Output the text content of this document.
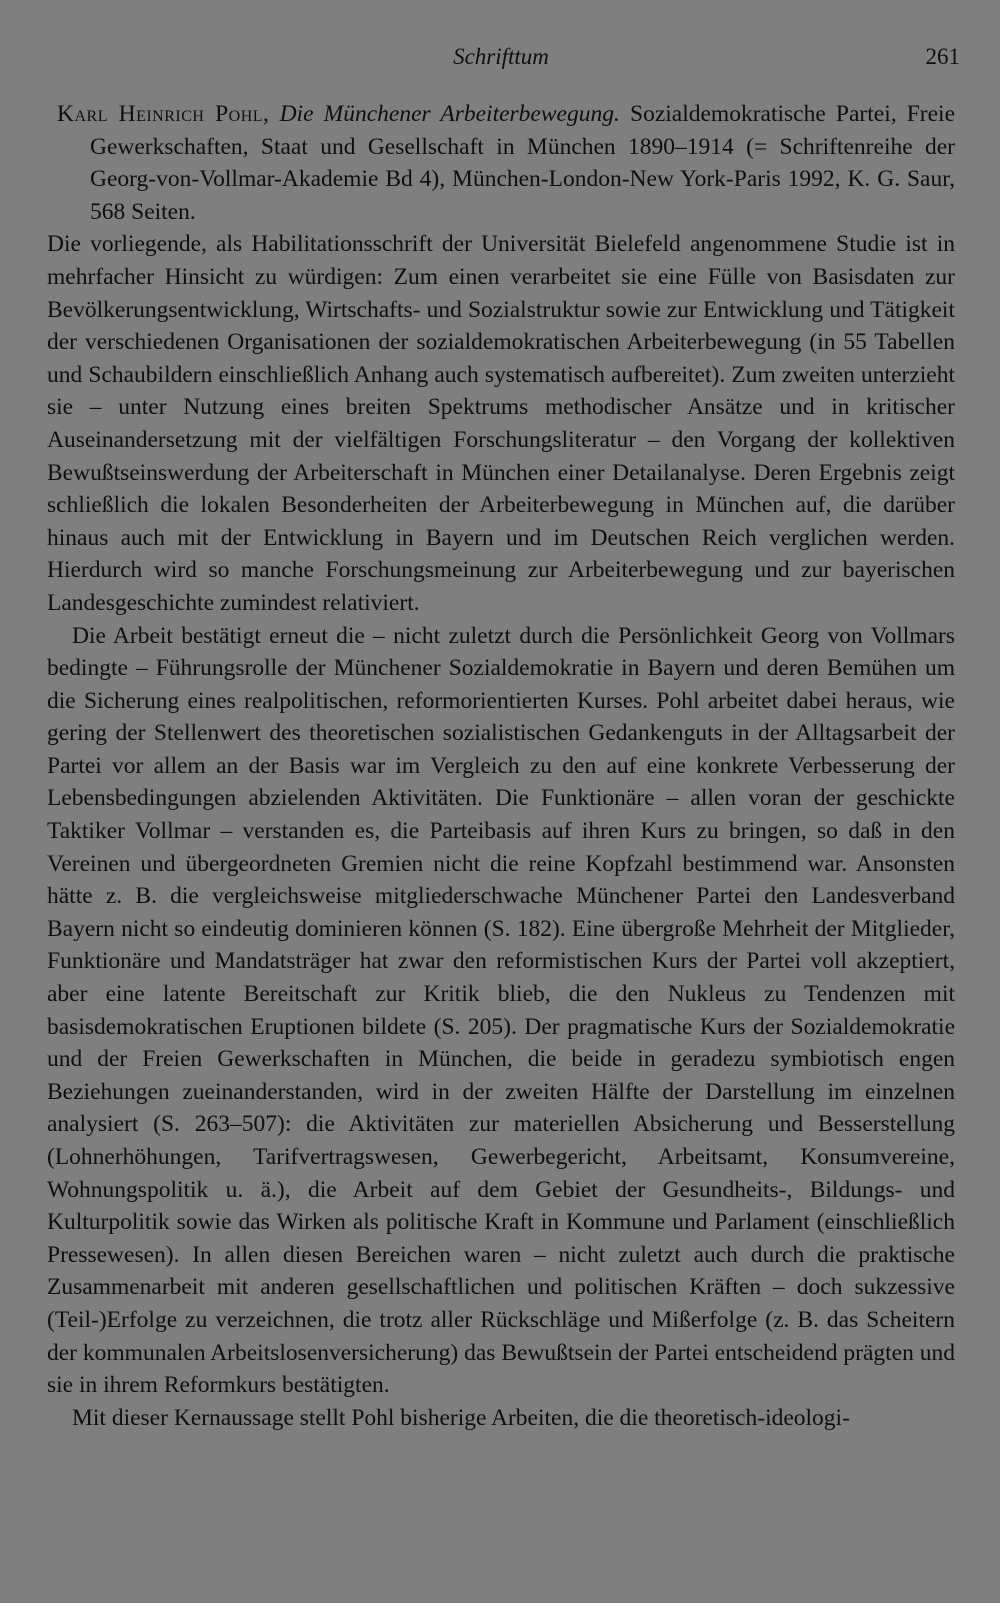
Schrifttum	261

Karl Heinrich Pohl, Die Münchener Arbeiterbewegung. Sozialdemokratische Partei, Freie Gewerkschaften, Staat und Gesellschaft in München 1890–1914 (= Schriftenreihe der Georg-von-Vollmar-Akademie Bd 4), München-London-New York-Paris 1992, K. G. Saur, 568 Seiten.

Die vorliegende, als Habilitationsschrift der Universität Bielefeld angenommene Studie ist in mehrfacher Hinsicht zu würdigen: Zum einen verarbeitet sie eine Fülle von Basisdaten zur Bevölkerungsentwicklung, Wirtschafts- und Sozialstruktur sowie zur Entwicklung und Tätigkeit der verschiedenen Organisationen der sozialdemokratischen Arbeiterbewegung (in 55 Tabellen und Schaubildern einschließlich Anhang auch systematisch aufbereitet). Zum zweiten unterzieht sie – unter Nutzung eines breiten Spektrums methodischer Ansätze und in kritischer Auseinandersetzung mit der vielfältigen Forschungsliteratur – den Vorgang der kollektiven Bewußtseinswerdung der Arbeiterschaft in München einer Detailanalyse. Deren Ergebnis zeigt schließlich die lokalen Besonderheiten der Arbeiterbewegung in München auf, die darüber hinaus auch mit der Entwicklung in Bayern und im Deutschen Reich verglichen werden. Hierdurch wird so manche Forschungsmeinung zur Arbeiterbewegung und zur bayerischen Landesgeschichte zumindest relativiert.

Die Arbeit bestätigt erneut die – nicht zuletzt durch die Persönlichkeit Georg von Vollmars bedingte – Führungsrolle der Münchener Sozialdemokratie in Bayern und deren Bemühen um die Sicherung eines realpolitischen, reformorientierten Kurses. Pohl arbeitet dabei heraus, wie gering der Stellenwert des theoretischen sozialistischen Gedankenguts in der Alltagsarbeit der Partei vor allem an der Basis war im Vergleich zu den auf eine konkrete Verbesserung der Lebensbedingungen abzielenden Aktivitäten. Die Funktionäre – allen voran der geschickte Taktiker Vollmar – verstanden es, die Parteibasis auf ihren Kurs zu bringen, so daß in den Vereinen und übergeordneten Gremien nicht die reine Kopfzahl bestimmend war. Ansonsten hätte z. B. die vergleichsweise mitgliederschwache Münchener Partei den Landesverband Bayern nicht so eindeutig dominieren können (S. 182). Eine übergroße Mehrheit der Mitglieder, Funktionäre und Mandatsträger hat zwar den reformistischen Kurs der Partei voll akzeptiert, aber eine latente Bereitschaft zur Kritik blieb, die den Nukleus zu Tendenzen mit basisdemokratischen Eruptionen bildete (S. 205). Der pragmatische Kurs der Sozialdemokratie und der Freien Gewerkschaften in München, die beide in geradezu symbiotisch engen Beziehungen zueinanderstanden, wird in der zweiten Hälfte der Darstellung im einzelnen analysiert (S. 263–507): die Aktivitäten zur materiellen Absicherung und Besserstellung (Lohnerhöhungen, Tarifvertragswesen, Gewerbegericht, Arbeitsamt, Konsumvereine, Wohnungspolitik u. ä.), die Arbeit auf dem Gebiet der Gesundheits-, Bildungs- und Kulturpolitik sowie das Wirken als politische Kraft in Kommune und Parlament (einschließlich Pressewesen). In allen diesen Bereichen waren – nicht zuletzt auch durch die praktische Zusammenarbeit mit anderen gesellschaftlichen und politischen Kräften – doch sukzessive (Teil-)Erfolge zu verzeichnen, die trotz aller Rückschläge und Mißerfolge (z. B. das Scheitern der kommunalen Arbeitslosenversicherung) das Bewußtsein der Partei entscheidend prägten und sie in ihrem Reformkurs bestätigten.

Mit dieser Kernaussage stellt Pohl bisherige Arbeiten, die die theoretisch-ideologi-
